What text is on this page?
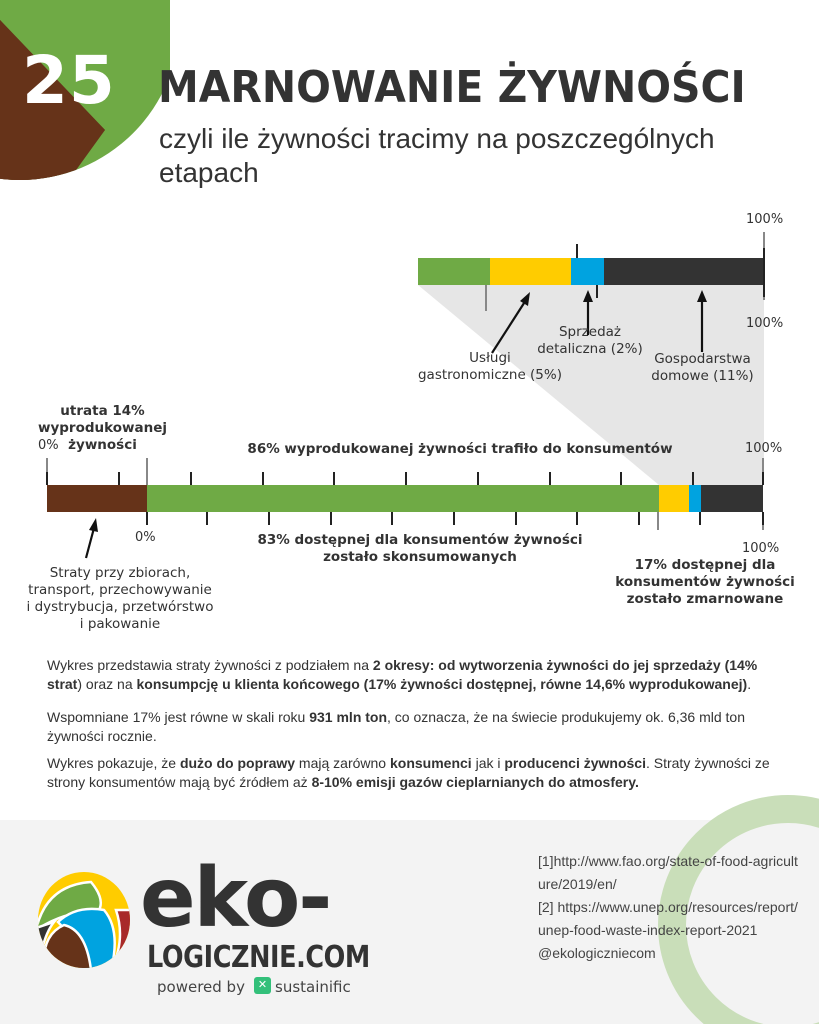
25 MARNOWANIE ŻYWNOŚCI
czyli ile żywności tracimy na poszczególnych etapach
100%
100%
Usługi
gastronomiczne (5%)
Sprzedaż
detaliczna (2%)
Gospodarstwa
domowe (11%)
utrata 14%
wyprodukowanej
żywności
0%	86% wyprodukowanej żywności trafiło do konsumentów	100%
0%	83% dostępnej dla konsumentów żywności
zostało skonsumowanych
100%
17% dostępnej dla
konsumentów żywności
zostało zmarnowane
Straty przy zbiorach,
transport, przechowywanie
i dystrybucja, przetwórstwo
i pakowanie

Wykres przedstawia straty żywności z podziałem na 2 okresy: od wytworzenia żywności do jej sprzedaży (14% strat) oraz na konsumpcję u klienta końcowego (17% żywności dostępnej, równe 14,6% wyprodukowanej).

Wspomniane 17% jest równe w skali roku 931 mln ton, co oznacza, że na świecie produkujemy ok. 6,36 mld ton żywności rocznie.

Wykres pokazuje, że dużo do poprawy mają zarówno konsumenci jak i producenci żywności. Straty żywności ze strony konsumentów mają być źródłem aż 8-10% emisji gazów cieplarnianych do atmosfery.

eko-
LOGICZNIE.COM
powered by	✕ sustainific
[1]http://www.fao.org/state-of-food-agriculture/2019/en/
[2] https://www.unep.org/resources/report/unep-food-waste-index-report-2021
@ekologiczniecom
